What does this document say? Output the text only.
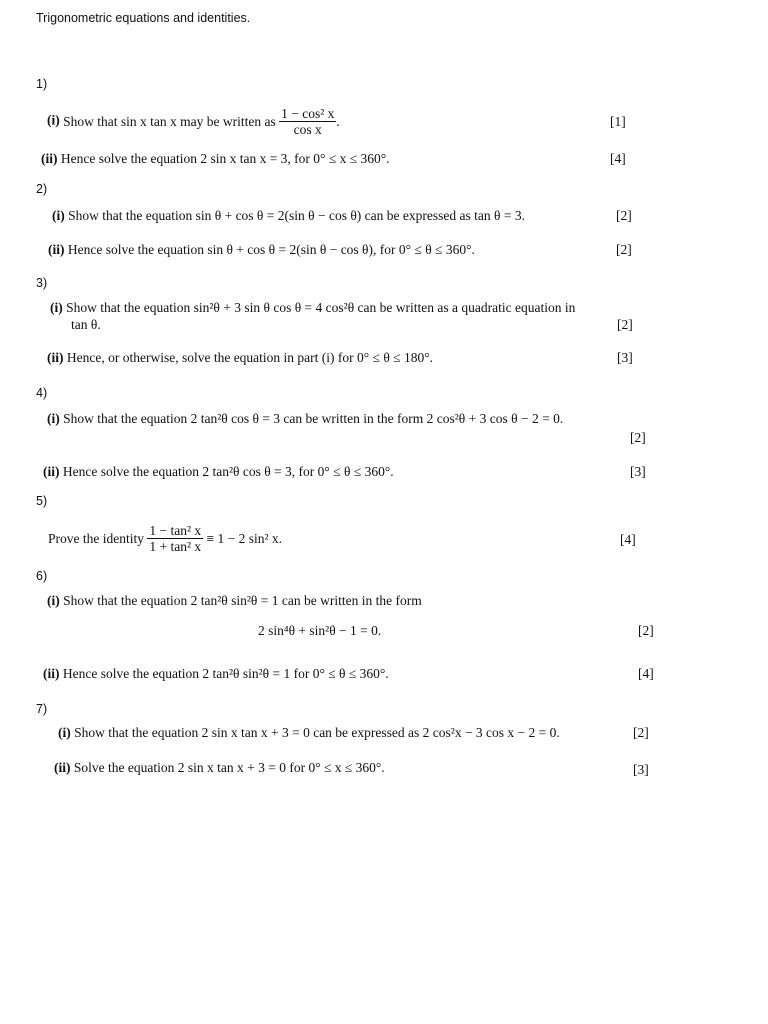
Trigonometric equations and identities.
1)
(i) Show that sin x tan x may be written as $\frac{\text{1 − cos² x}}{\text{cos x}}$ .	[1]
(ii) Hence solve the equation 2 sin x tan x = 3, for 0° ≤ x ≤ 360°.	[4]
2)
(i) Show that the equation sin θ + cos θ = 2(sin θ − cos θ) can be expressed as tan θ = 3.	[2]
(ii) Hence solve the equation sin θ + cos θ = 2(sin θ − cos θ), for 0° ≤ θ ≤ 360°.	[2]
3)
(i) Show that the equation sin²θ + 3 sin θ cos θ = 4 cos²θ can be written as a quadratic equation in
tan θ.	[2]
(ii) Hence, or otherwise, solve the equation in part (i) for 0° ≤ θ ≤ 180°.	[3]
4)
(i) Show that the equation 2 tan²θ cos θ = 3 can be written in the form 2 cos²θ + 3 cos θ − 2 = 0.
[2]
(ii) Hence solve the equation 2 tan²θ cos θ = 3, for 0° ≤ θ ≤ 360°.	[3]
5)
Prove the identity $\frac{\text{1 − tan² x}}{\text{1 + tan² x}} \equiv 1 - 2$ sin² x.	[4]
6)
(i) Show that the equation 2 tan²θ sin²θ = 1 can be written in the form
2 sin⁴θ + sin²θ − 1 = 0.	[2]
(ii) Hence solve the equation 2 tan²θ sin²θ = 1 for 0° ≤ θ ≤ 360°.	[4]
7)
(i) Show that the equation 2 sin x tan x + 3 = 0 can be expressed as 2 cos²x − 3 cos x − 2 = 0.	[2]
(ii) Solve the equation 2 sin x tan x + 3 = 0 for 0° ≤ x ≤ 360°.	[3]
